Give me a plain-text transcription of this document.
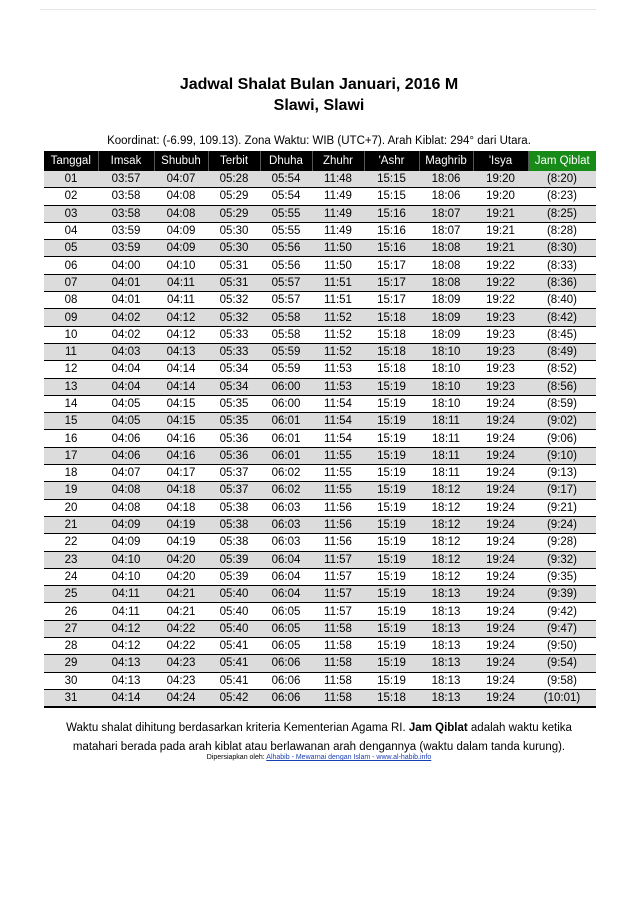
Jadwal Shalat Bulan Januari, 2016 M
Slawi, Slawi
Koordinat: (-6.99, 109.13). Zona Waktu: WIB (UTC+7). Arah Kiblat: 294° dari Utara.
Tanggal	Imsak	Shubuh	Terbit	Dhuha	Zhuhr	'Ashr	Maghrib	'Isya	Jam Qiblat
01	03:57	04:07	05:28	05:54	11:48	15:15	18:06	19:20	(8:20)
02	03:58	04:08	05:29	05:54	11:49	15:15	18:06	19:20	(8:23)
03	03:58	04:08	05:29	05:55	11:49	15:16	18:07	19:21	(8:25)
04	03:59	04:09	05:30	05:55	11:49	15:16	18:07	19:21	(8:28)
05	03:59	04:09	05:30	05:56	11:50	15:16	18:08	19:21	(8:30)
06	04:00	04:10	05:31	05:56	11:50	15:17	18:08	19:22	(8:33)
07	04:01	04:11	05:31	05:57	11:51	15:17	18:08	19:22	(8:36)
08	04:01	04:11	05:32	05:57	11:51	15:17	18:09	19:22	(8:40)
09	04:02	04:12	05:32	05:58	11:52	15:18	18:09	19:23	(8:42)
10	04:02	04:12	05:33	05:58	11:52	15:18	18:09	19:23	(8:45)
11	04:03	04:13	05:33	05:59	11:52	15:18	18:10	19:23	(8:49)
12	04:04	04:14	05:34	05:59	11:53	15:18	18:10	19:23	(8:52)
13	04:04	04:14	05:34	06:00	11:53	15:19	18:10	19:23	(8:56)
14	04:05	04:15	05:35	06:00	11:54	15:19	18:10	19:24	(8:59)
15	04:05	04:15	05:35	06:01	11:54	15:19	18:11	19:24	(9:02)
16	04:06	04:16	05:36	06:01	11:54	15:19	18:11	19:24	(9:06)
17	04:06	04:16	05:36	06:01	11:55	15:19	18:11	19:24	(9:10)
18	04:07	04:17	05:37	06:02	11:55	15:19	18:11	19:24	(9:13)
19	04:08	04:18	05:37	06:02	11:55	15:19	18:12	19:24	(9:17)
20	04:08	04:18	05:38	06:03	11:56	15:19	18:12	19:24	(9:21)
21	04:09	04:19	05:38	06:03	11:56	15:19	18:12	19:24	(9:24)
22	04:09	04:19	05:38	06:03	11:56	15:19	18:12	19:24	(9:28)
23	04:10	04:20	05:39	06:04	11:57	15:19	18:12	19:24	(9:32)
24	04:10	04:20	05:39	06:04	11:57	15:19	18:12	19:24	(9:35)
25	04:11	04:21	05:40	06:04	11:57	15:19	18:13	19:24	(9:39)
26	04:11	04:21	05:40	06:05	11:57	15:19	18:13	19:24	(9:42)
27	04:12	04:22	05:40	06:05	11:58	15:19	18:13	19:24	(9:47)
28	04:12	04:22	05:41	06:05	11:58	15:19	18:13	19:24	(9:50)
29	04:13	04:23	05:41	06:06	11:58	15:19	18:13	19:24	(9:54)
30	04:13	04:23	05:41	06:06	11:58	15:19	18:13	19:24	(9:58)
31	04:14	04:24	05:42	06:06	11:58	15:18	18:13	19:24	(10:01)
Waktu shalat dihitung berdasarkan kriteria Kementerian Agama RI. Jam Qiblat adalah waktu ketika
matahari berada pada arah kiblat atau berlawanan arah dengannya (waktu dalam tanda kurung).
Dipersiapkan oleh: Alhabib - Mewarnai dengan Islam - www.al-habib.info
